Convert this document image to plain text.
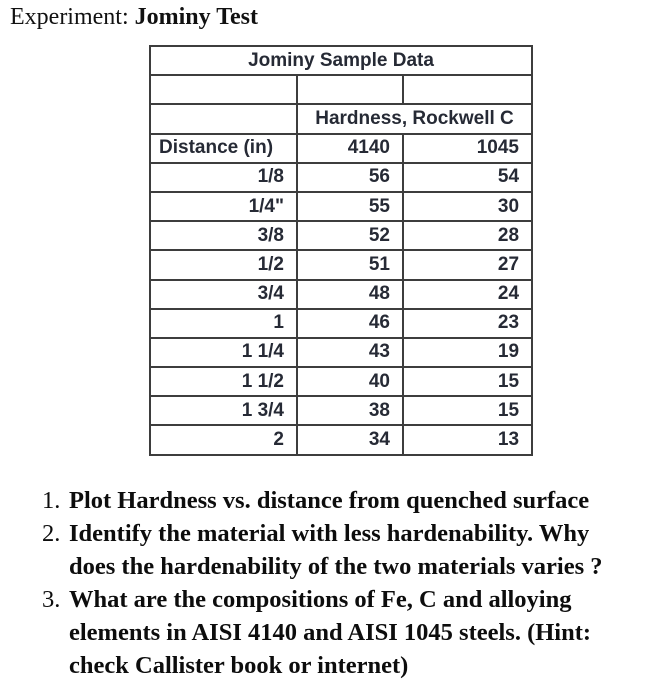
Experiment: Jominy Test
Jominy Sample Data		

	Hardness, Rockwell C	
Distance (in)	4140	1045
1/8	56	54
1/4"	55	30
3/8	52	28
1/2	51	27
3/4	48	24
1	46	23
1 1/4	43	19
1 1/2	40	15
1 3/4	38	15
2	34	13
1. Plot Hardness vs. distance from quenched surface
2. Identify the material with less hardenability. Why
does the hardenability of the two materials varies ?
3. What are the compositions of Fe, C and alloying
elements in AISI 4140 and AISI 1045 steels. (Hint:
check Callister book or internet)
